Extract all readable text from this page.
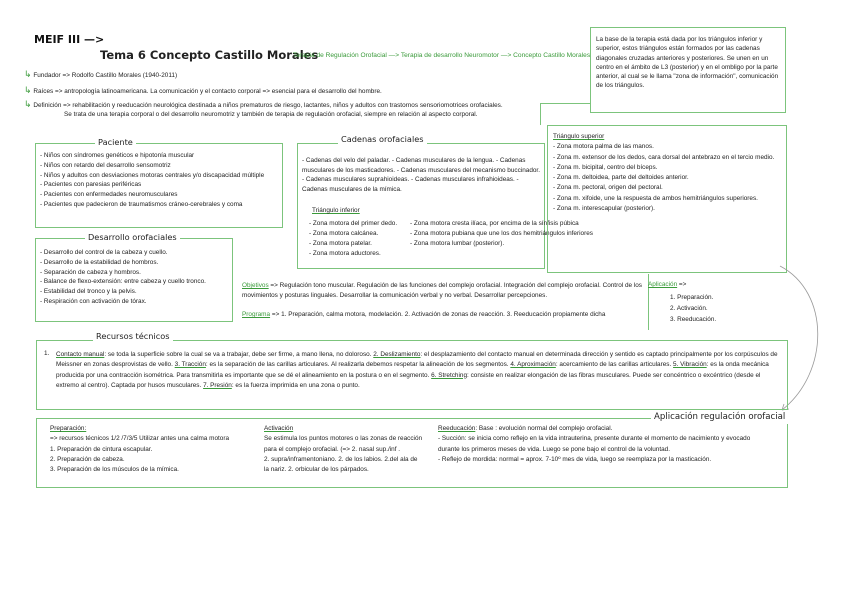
MEIF III —>
Tema 6 Concepto Castillo Morales
Terapia de Regulación Orofacial —> Terapia de desarrollo Neuromotor —> Concepto Castillo Morales
↳ Fundador => Rodolfo Castillo Morales (1940-2011)
↳ Raíces => antropología latinoamericana. La comunicación y el contacto corporal => esencial para el desarrollo del hombre.
↳ Definición => rehabilitación y reeducación neurológica destinada a niños prematuros de riesgo, lactantes, niños y adultos con trastornos sensoriomotrices orofaciales.
Se trata de una terapia corporal o del desarrollo neuromotriz y también de terapia de regulación orofacial, siempre en relación al aspecto corporal.
La base de la terapia está dada por los triángulos inferior y superior, estos triángulos están formados por las cadenas diagonales cruzadas anteriores y posteriores. Se unen en un centro en el ámbito de L3 (posterior) y en el ombligo por la parte anterior, al cual se le llama "zona de información", comunicación de los triángulos.
- Niños con síndromes genéticos e hipotonía muscular
- Niños con retardo del desarrollo sensomotriz
- Niños y adultos con desviaciones motoras centrales y/o discapacidad múltiple
- Pacientes con paresias periféricas
- Pacientes con enfermedades neuromusculares
- Pacientes que padecieron de traumatismos cráneo-cerebrales y coma
Paciente
- Desarrollo del control de la cabeza y cuello.
- Desarrollo de la estabilidad de hombros.
- Separación de cabeza y hombros.
- Balance de flexo-extensión: entre cabeza y cuello tronco.
- Estabilidad del tronco y la pelvis.
- Respiración con activación de tórax.
Desarrollo orofaciales
- Cadenas del velo del paladar. - Cadenas musculares de la lengua. - Cadenas musculares de los masticadores. - Cadenas musculares del mecanismo buccinador. - Cadenas musculares suprahioideas. - Cadenas musculares infrahioideas. - Cadenas musculares de la mímica.
Cadenas orofaciales
Triángulo inferior
- Zona motora del primer dedo.
- Zona motora calcánea.
- Zona motora patelar.
- Zona motora aductores.
- Zona motora cresta ilíaca, por encima de la sínfisis púbica
- Zona motora pubiana que une los dos hemitriángulos inferiores
- Zona motora lumbar (posterior).
Triángulo superior
- Zona motora palma de las manos.
- Zona m. extensor de los dedos, cara dorsal del antebrazo en el tercio medio.
- Zona m. bicipital, centro del bíceps.
- Zona m. deltoidea, parte del deltoides anterior.
- Zona m. pectoral, origen del pectoral.
- Zona m. xifoide, une la respuesta de ambos hemitriángulos superiores.
- Zona m. interescapular (posterior).
Objetivos => Regulación tono muscular. Regulación de las funciones del complejo orofacial. Integración del complejo orofacial. Control de los movimientos y posturas linguales. Desarrollar la comunicación verbal y no verbal. Desarrollar percepciones.
Programa => 1. Preparación, calma motora, modelación. 2. Activación de zonas de reacción. 3. Reeducación propiamente dicha
Aplicación =>
1. Preparación.
2. Activación.
3. Reeducación.
Recursos técnicos
1. Contacto manual: se toda la superficie sobre la cual se va a trabajar, debe ser firme, a mano llena, no doloroso. 2. Deslizamiento: el desplazamiento del contacto manual en determinada dirección y sentido es captado principalmente por los corpúsculos de Meissner en zonas desprovistas de vello. 3. Tracción: es la separación de las carillas articulares. Al realizarla debemos respetar la alineación de los segmentos. 4. Aproximación: acercamiento de las carillas articulares. 5. Vibración: es la onda mecánica producida por una contracción isométrica. Para transmitirla es importante que se dé el alineamiento en la postura o en el segmento. 6. Stretching: consiste en realizar elongación de las fibras musculares. Puede ser concéntrico o excéntrico (desde el extremo al centro). Captada por husos musculares. 7. Presión: es la fuerza imprimida en una zona o punto.
Aplicación regulación orofacial
Preparación:
=> recursos técnicos 1/2 /7/3/5 Utilizar antes una calma motora
1. Preparación de cintura escapular.
2. Preparación de cabeza.
3. Preparación de los músculos de la mímica.
Activación
Se estimula los puntos motores o las zonas de reacción
para el complejo orofacial. (=> 2. nasal sup./inf .
2. supra/inframentoniano. 2. de los labios. 2.del ala de
la nariz. 2. orbicular de los párpados.
Reeducación: Base : evolución normal del complejo orofacial.
- Succión: se inicia como reflejo en la vida intrauterina, presente durante el momento de nacimiento y evocado
durante los primeros meses de vida. Luego se pone bajo el control de la voluntad.
- Reflejo de mordida: normal = aprox. 7-10º mes de vida, luego se reemplaza por la masticación.
